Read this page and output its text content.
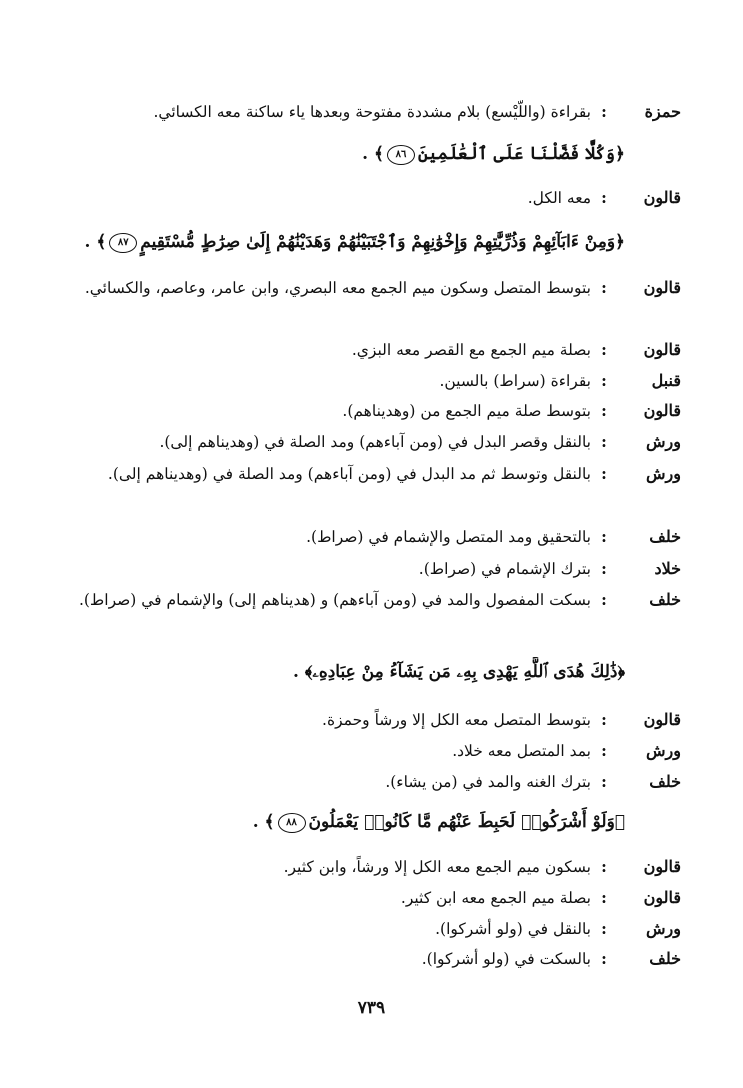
حمزة
:
بقراءة (واللّيْسع) بلام مشددة مفتوحة وبعدها ياء ساكنة معه الكسائي.
﴿وَكُلًّا فَضَّلْنَا عَلَى ٱلْعَٰلَمِينَ٨٦﴾ .
قالون
:
معه الكل.
﴿وَمِنْ ءَابَآئِهِمْ وَذُرِّيَّٰتِهِمْ وَإِخْوَٰنِهِمْ وَٱجْتَبَيْنَٰهُمْ وَهَدَيْنَٰهُمْ إِلَىٰ صِرَٰطٍ مُّسْتَقِيمٍ٨٧﴾ .
قالون
:
بتوسط المتصل وسكون ميم الجمع معه البصري، وابن عامر، وعاصم، والكسائي.
قالون
:
بصلة ميم الجمع مع القصر معه البزي.
قنبل
:
بقراءة (سراط) بالسين.
قالون
:
بتوسط صلة ميم الجمع من (وهديناهم).
ورش
:
بالنقل وقصر البدل في (ومن آباءهم) ومد الصلة في (وهديناهم إلى).
ورش
:
بالنقل وتوسط ثم مد البدل في (ومن آباءهم) ومد الصلة في (وهديناهم إلى).
خلف
:
بالتحقيق ومد المتصل والإشمام في (صراط).
خلاد
:
بترك الإشمام في (صراط).
خلف
:
بسكت المفصول والمد في (ومن آباءهم) و (هديناهم إلى) والإشمام في (صراط).
﴿ذَٰلِكَ هُدَى ٱللَّهِ يَهْدِى بِهِۦ مَن يَشَآءُ مِنْ عِبَادِهِۦ﴾ .
قالون
:
بتوسط المتصل معه الكل إلا ورشاً وحمزة.
ورش
:
بمد المتصل معه خلاد.
خلف
:
بترك الغنه والمد في (من يشاء).
﴿وَلَوْ أَشْرَكُوا۟ لَحَبِطَ عَنْهُم مَّا كَانُوا۟ يَعْمَلُونَ٨٨﴾ .
قالون
:
بسكون ميم الجمع معه الكل إلا ورشاً، وابن كثير.
قالون
:
بصلة ميم الجمع معه ابن كثير.
ورش
:
بالنقل في (ولو أشركوا).
خلف
:
بالسكت في (ولو أشركوا).
٧٣٩
